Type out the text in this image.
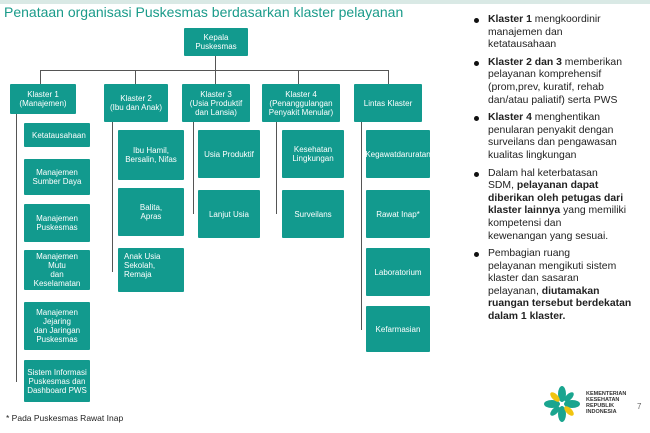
Penataan organisasi Puskesmas berdasarkan klaster pelayanan
Kepala
Puskesmas
Klaster 1
(Manajemen)
Klaster 2
(Ibu dan Anak)
Klaster 3
(Usia Produktif
dan Lansia)
Klaster 4
(Penanggulangan
Penyakit Menular)
Lintas Klaster
Ketatausahaan
Manajemen
Sumber Daya
Manajemen
Puskesmas
Manajemen Mutu
dan Keselamatan
Manajemen Jejaring
dan Jaringan
Puskesmas
Sistem Informasi
Puskesmas dan
Dashboard PWS
Ibu Hamil,
Bersalin, Nifas
Balita,
Apras
Anak Usia
Sekolah,
Remaja
Usia Produktif
Lanjut Usia
Kesehatan
Lingkungan
Surveilans
Kegawatdaruratan
Rawat Inap*
Laboratorium
Kefarmasian
Klaster 1 mengkoordinir
manajemen dan
ketatausahaan
Klaster 2 dan 3 memberikan
pelayanan komprehensif
(prom,prev, kuratif, rehab
dan/atau paliatif) serta PWS
Klaster 4 menghentikan
penularan penyakit dengan
surveilans dan pengawasan
kualitas lingkungan
Dalam hal keterbatasan
SDM, pelayanan dapat
diberikan oleh petugas dari
klaster lainnya yang memiliki
kompetensi dan
kewenangan yang sesuai.
Pembagian ruang
pelayanan mengikuti sistem
klaster dan sasaran
pelayanan, diutamakan
ruangan tersebut berdekatan
dalam 1 klaster.
* Pada Puskesmas Rawat Inap
7
KEMENTERIAN
KESEHATAN
REPUBLIK
INDONESIA
